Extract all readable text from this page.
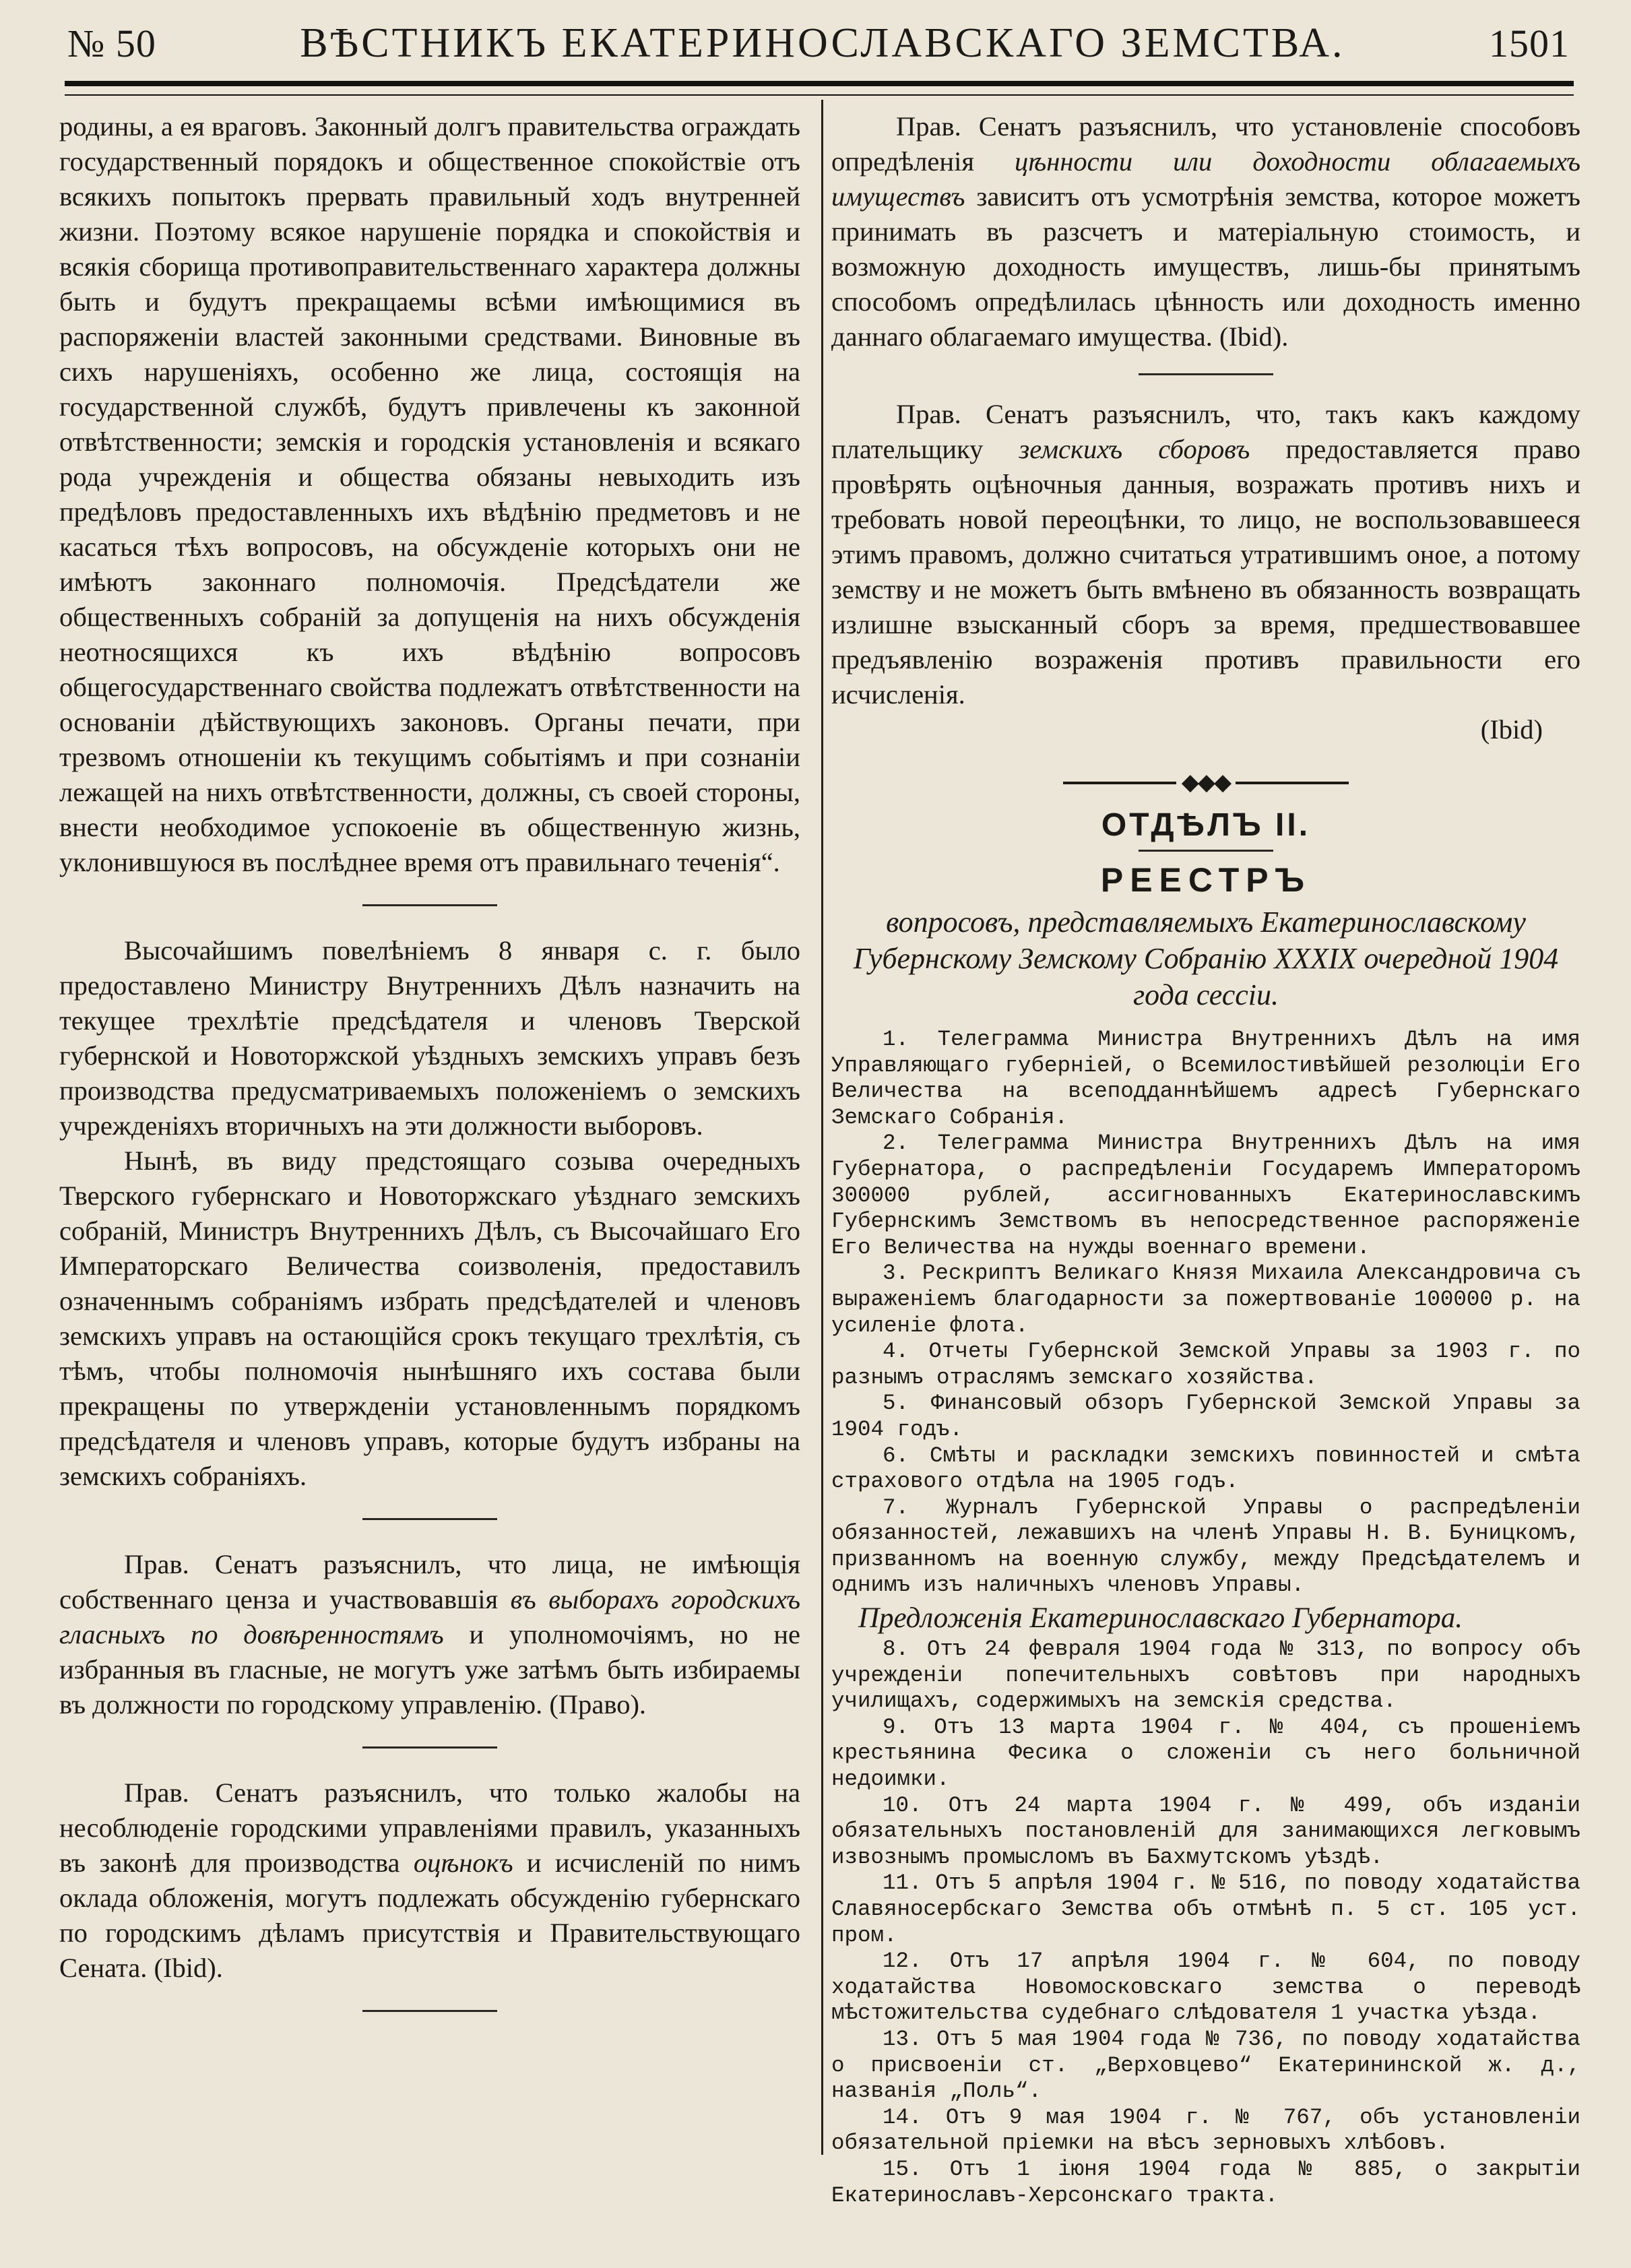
№ 50	ВѢСТНИКЪ ЕКАТЕРИНОСЛАВСКАГО ЗЕМСТВА.	1501

родины, а ея враговъ. Законный долгъ правительства ограждать государственный порядокъ и общественное спокойствіе отъ всякихъ попытокъ прервать правильный ходъ внутренней жизни. Поэтому всякое нарушеніе порядка и спокойствія и всякія сборища противоправительственнаго характера должны быть и будутъ прекращаемы всѣми имѣющимися въ распоряженіи властей законными средствами. Виновные въ сихъ нарушеніяхъ, особенно же лица, состоящія на государственной службѣ, будутъ привлечены къ законной отвѣтственности; земскія и городскія установленія и всякаго рода учрежденія и общества обязаны невыходить изъ предѣловъ предоставленныхъ ихъ вѣдѣнію предметовъ и не касаться тѣхъ вопросовъ, на обсужденіе которыхъ они не имѣютъ законнаго полномочія. Предсѣдатели же общественныхъ собраній за допущенія на нихъ обсужденія неотносящихся къ ихъ вѣдѣнію вопросовъ общегосударственнаго свойства подлежатъ отвѣтственности на основаніи дѣйствующихъ законовъ. Органы печати, при трезвомъ отношеніи къ текущимъ событіямъ и при сознаніи лежащей на нихъ отвѣтственности, должны, съ своей стороны, внести необходимое успокоеніе въ общественную жизнь, уклонившуюся въ послѣднее время отъ правильнаго теченія“.

Высочайшимъ повелѣніемъ 8 января с. г. было предоставлено Министру Внутреннихъ Дѣлъ назначить на текущее трехлѣтіе предсѣдателя и членовъ Тверской губернской и Новоторжской уѣздныхъ земскихъ управъ безъ производства предусматриваемыхъ положеніемъ о земскихъ учрежденіяхъ вторичныхъ на эти должности выборовъ.

Нынѣ, въ виду предстоящаго созыва очередныхъ Тверского губернскаго и Новоторжскаго уѣзднаго земскихъ собраній, Министръ Внутреннихъ Дѣлъ, съ Высочайшаго Его Императорскаго Величества соизволенія, предоставилъ означеннымъ собраніямъ избрать предсѣдателей и членовъ земскихъ управъ на остающійся срокъ текущаго трехлѣтія, съ тѣмъ, чтобы полномочія нынѣшняго ихъ состава были прекращены по утвержденіи установленнымъ порядкомъ предсѣдателя и членовъ управъ, которые будутъ избраны на земскихъ собраніяхъ.

Прав. Сенатъ разъяснилъ, что лица, не имѣющія собственнаго ценза и участвовавшія въ выборахъ городскихъ гласныхъ по довѣренностямъ и уполномочіямъ, но не избранныя въ гласные, не могутъ уже затѣмъ быть избираемы въ должности по городскому управленію. (Право).

Прав. Сенатъ разъяснилъ, что только жалобы на несоблюденіе городскими управленіями правилъ, указанныхъ въ законѣ для производства оцѣнокъ и исчисленій по нимъ оклада обложенія, могутъ подлежать обсужденію губернскаго по городскимъ дѣламъ присутствія и Правительствующаго Сената. (Ibid).

Прав. Сенатъ разъяснилъ, что установленіе способовъ опредѣленія цѣнности или доходности облагаемыхъ имуществъ зависитъ отъ усмотрѣнія земства, которое можетъ принимать въ разсчетъ и матеріальную стоимость, и возможную доходность имуществъ, лишь-бы принятымъ способомъ опредѣлилась цѣнность или доходность именно даннаго облагаемаго имущества. (Ibid).

Прав. Сенатъ разъяснилъ, что, такъ какъ каждому плательщику земскихъ сборовъ предоставляется право провѣрять оцѣночныя данныя, возражать противъ нихъ и требовать новой переоцѣнки, то лицо, не воспользовавшееся этимъ правомъ, должно считаться утратившимъ оное, а потому земству и не можетъ быть вмѣнено въ обязанность возвращать излишне взысканный сборъ за время, предшествовавшее предъявленію возраженія противъ правильности его исчисленія.

(Ibid)
◆◆◆
ОТДѢЛЪ II.
РЕЕСТРЪ
вопросовъ, представляемыхъ Екатеринославскому Губернскому Земскому Собранію XXXIX очередной 1904 года сессіи.

1. Телеграмма Министра Внутреннихъ Дѣлъ на имя Управляющаго губерніей, о Всемилостивѣйшей резолюціи Его Величества на всеподданнѣйшемъ адресѣ Губернскаго Земскаго Собранія.

2. Телеграмма Министра Внутреннихъ Дѣлъ на имя Губернатора, о распредѣленіи Государемъ Императоромъ 300000 рублей, ассигнованныхъ Екатеринославскимъ Губернскимъ Земствомъ въ непосредственное распоряженіе Его Величества на нужды военнаго времени.

3. Рескриптъ Великаго Князя Михаила Александровича съ выраженіемъ благодарности за пожертвованіе 100000 р. на усиленіе флота.

4. Отчеты Губернской Земской Управы за 1903 г. по разнымъ отраслямъ земскаго хозяйства.

5. Финансовый обзоръ Губернской Земской Управы за 1904 годъ.

6. Смѣты и раскладки земскихъ повинностей и смѣта страхового отдѣла на 1905 годъ.

7. Журналъ Губернской Управы о распредѣленіи обязанностей, лежавшихъ на членѣ Управы Н. В. Буницкомъ, призванномъ на военную службу, между Предсѣдателемъ и однимъ изъ наличныхъ членовъ Управы.

Предложенія Екатеринославскаго Губернатора.

8. Отъ 24 февраля 1904 года № 313, по вопросу объ учрежденіи попечительныхъ совѣтовъ при народныхъ училищахъ, содержимыхъ на земскія средства.

9. Отъ 13 марта 1904 г. № 404, съ прошеніемъ крестьянина Фесика о сложеніи съ него больничной недоимки.

10. Отъ 24 марта 1904 г. № 499, объ изданіи обязательныхъ постановленій для занимающихся легковымъ извознымъ промысломъ въ Бахмутскомъ уѣздѣ.

11. Отъ 5 апрѣля 1904 г. № 516, по поводу ходатайства Славяносербскаго Земства объ отмѣнѣ п. 5 ст. 105 уст. пром.

12. Отъ 17 апрѣля 1904 г. № 604, по поводу ходатайства Новомосковскаго земства о переводѣ мѣстожительства судебнаго слѣдователя 1 участка уѣзда.

13. Отъ 5 мая 1904 года № 736, по поводу ходатайства о присвоеніи ст. „Верховцево“ Екатерининской ж. д., названія „Поль“.

14. Отъ 9 мая 1904 г. № 767, объ установленіи обязательной пріемки на вѣсъ зерновыхъ хлѣбовъ.

15. Отъ 1 іюня 1904 года № 885, о закрытіи Екатеринославъ-Херсонскаго тракта.
